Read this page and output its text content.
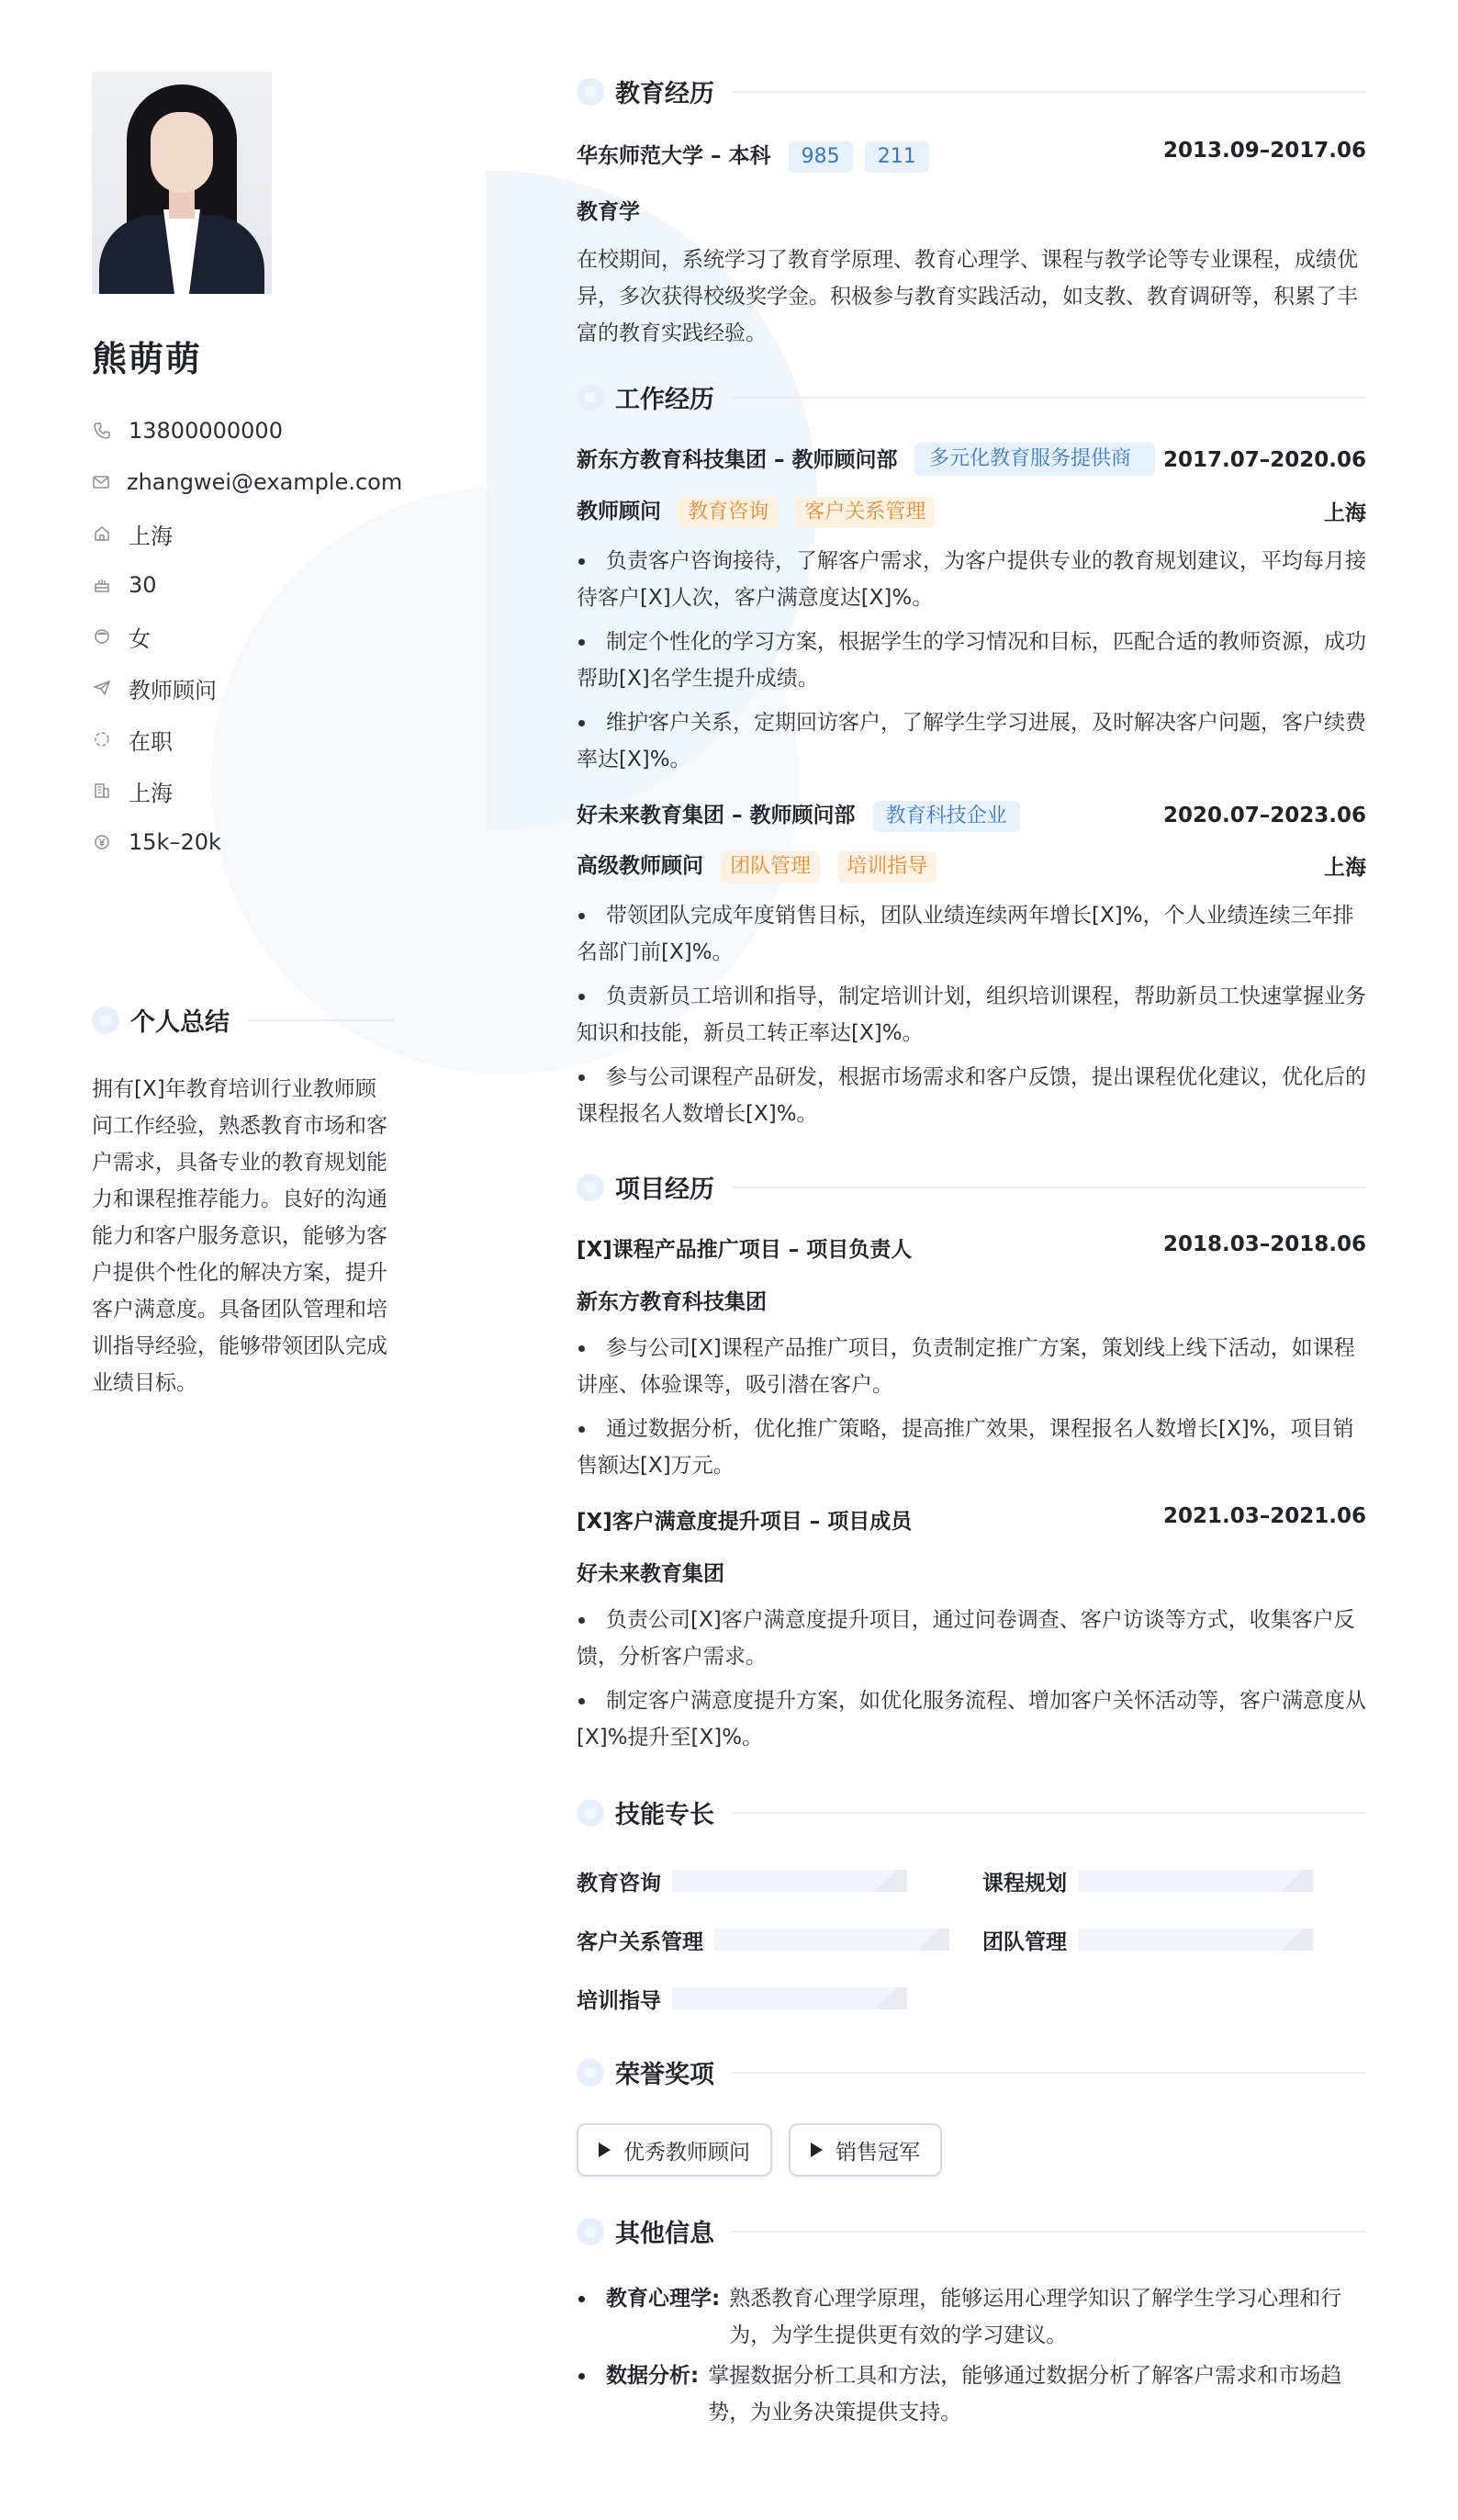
熊萌萌
13800000000
zhangwei@example.com
上海
30
女
教师顾问
在职
上海
15k–20k
个人总结
拥有[X]年教育培训行业教师顾问工作经验，熟悉教育市场和客户需求，具备专业的教育规划能力和课程推荐能力。良好的沟通能力和客户服务意识，能够为客户提供个性化的解决方案，提升客户满意度。具备团队管理和培训指导经验，能够带领团队完成业绩目标。
教育经历
华东师范大学 – 本科 985 211	2013.09–2017.06
教育学
在校期间，系统学习了教育学原理、教育心理学、课程与教学论等专业课程，成绩优异，多次获得校级奖学金。积极参与教育实践活动，如支教、教育调研等，积累了丰富的教育实践经验。
工作经历
新东方教育科技集团 – 教师顾问部	多元化教育服务提供商	2017.07–2020.06
教师顾问 教育咨询 客户关系管理	上海
负责客户咨询接待，了解客户需求，为客户提供专业的教育规划建议，平均每月接待客户[X]人次，客户满意度达[X]%。
制定个性化的学习方案，根据学生的学习情况和目标，匹配合适的教师资源，成功帮助[X]名学生提升成绩。
维护客户关系，定期回访客户，了解学生学习进展，及时解决客户问题，客户续费率达[X]%。
好未来教育集团 – 教师顾问部 教育科技企业	2020.07–2023.06
高级教师顾问 团队管理 培训指导	上海
带领团队完成年度销售目标，团队业绩连续两年增长[X]%，个人业绩连续三年排名部门前[X]%。
负责新员工培训和指导，制定培训计划，组织培训课程，帮助新员工快速掌握业务知识和技能，新员工转正率达[X]%。
参与公司课程产品研发，根据市场需求和客户反馈，提出课程优化建议，优化后的课程报名人数增长[X]%。
项目经历
[X]课程产品推广项目 – 项目负责人	2018.03–2018.06
新东方教育科技集团
参与公司[X]课程产品推广项目，负责制定推广方案，策划线上线下活动，如课程讲座、体验课等，吸引潜在客户。
通过数据分析，优化推广策略，提高推广效果，课程报名人数增长[X]%，项目销售额达[X]万元。
[X]客户满意度提升项目 – 项目成员	2021.03–2021.06
好未来教育集团
负责公司[X]客户满意度提升项目，通过问卷调查、客户访谈等方式，收集客户反馈，分析客户需求。
制定客户满意度提升方案，如优化服务流程、增加客户关怀活动等，客户满意度从[X]%提升至[X]%。
技能专长
教育咨询	课程规划
客户关系管理	团队管理
培训指导
荣誉奖项
优秀教师顾问	销售冠军
其他信息
教育心理学: 熟悉教育心理学原理，能够运用心理学知识了解学生学习心理和行为，为学生提供更有效的学习建议。
数据分析: 掌握数据分析工具和方法，能够通过数据分析了解客户需求和市场趋势，为业务决策提供支持。
